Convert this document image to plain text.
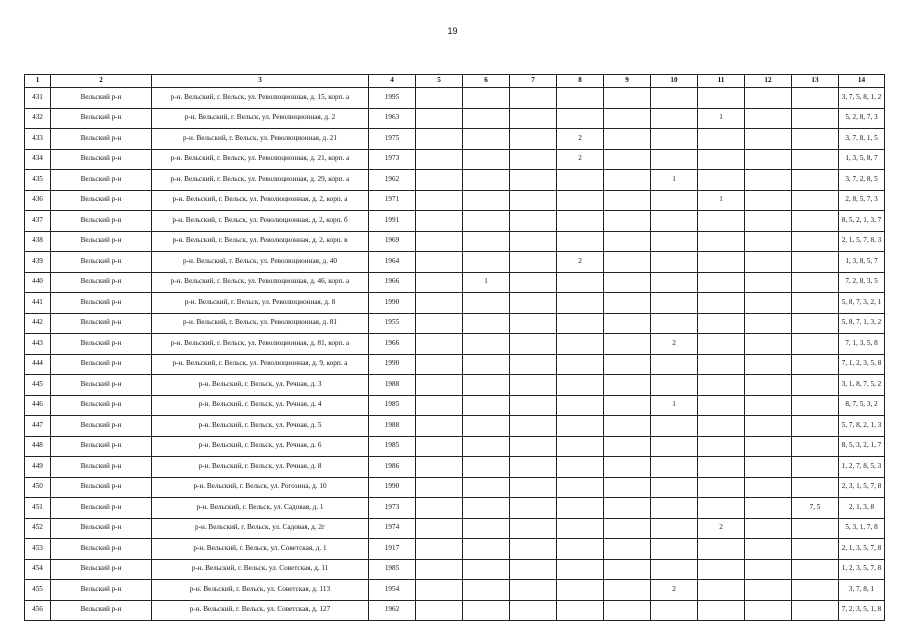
19
1	2	3	4	5	6	7	8	9	10	11	12	13	14
431	Вельский р-н	р-н. Вельский, г. Вельск, ул. Революционная, д. 15, корп. а	1995										3, 7, 5, 8, 1, 2
432	Вельский р-н	р-н. Вельский, г. Вельск, ул. Революционная, д. 2	1963							1			5, 2, 8, 7, 3
433	Вельский р-н	р-н. Вельский, г. Вельск, ул. Революционная, д. 21	1975				2						3, 7, 8, 1, 5
434	Вельский р-н	р-н. Вельский, г. Вельск, ул. Революционная, д. 21, корп. а	1973				2						1, 3, 5, 8, 7
435	Вельский р-н	р-н. Вельский, г. Вельск, ул. Революционная, д. 29, корп. а	1962						1				3, 7, 2, 8, 5
436	Вельский р-н	р-н. Вельский, г. Вельск, ул. Революционная, д. 2, корп. а	1971							1			2, 8, 5, 7, 3
437	Вельский р-н	р-н. Вельский, г. Вельск, ул. Революционная, д. 2, корп. б	1991										8, 5, 2, 1, 3, 7
438	Вельский р-н	р-н. Вельский, г. Вельск, ул. Революционная, д. 2, корп. в	1969										2, 1, 5, 7, 8, 3
439	Вельский р-н	р-н. Вельский, г. Вельск, ул. Революционная, д. 40	1964				2						1, 3, 8, 5, 7
440	Вельский р-н	р-н. Вельский, г. Вельск, ул. Революционная, д. 46, корп. а	1966		1								7, 2, 8, 3, 5
441	Вельский р-н	р-н. Вельский, г. Вельск, ул. Революционная, д. 8	1990										5, 8, 7, 3, 2, 1
442	Вельский р-н	р-н. Вельский, г. Вельск, ул. Революционная, д. 81	1955										5, 8, 7, 1, 3, 2
443	Вельский р-н	р-н. Вельский, г. Вельск, ул. Революционная, д. 81, корп. а	1966						2				7, 1, 3, 5, 8
444	Вельский р-н	р-н. Вельский, г. Вельск, ул. Революционная, д. 9, корп. а	1990										7, 1, 2, 3, 5, 8
445	Вельский р-н	р-н. Вельский, г. Вельск, ул. Речная, д. 3	1988										3, 1, 8, 7, 5, 2
446	Вельский р-н	р-н. Вельский, г. Вельск, ул. Речная, д. 4	1985						1				8, 7, 5, 3, 2
447	Вельский р-н	р-н. Вельский, г. Вельск, ул. Речная, д. 5	1988										5, 7, 8, 2, 1, 3
448	Вельский р-н	р-н. Вельский, г. Вельск, ул. Речная, д. 6	1985										8, 5, 3, 2, 1, 7
449	Вельский р-н	р-н. Вельский, г. Вельск, ул. Речная, д. 8	1986										1, 2, 7, 8, 5, 3
450	Вельский р-н	р-н. Вельский, г. Вельск, ул. Рогозина, д. 10	1990										2, 3, 1, 5, 7, 8
451	Вельский р-н	р-н. Вельский, г. Вельск, ул. Садовая, д. 1	1973									7, 5	2, 1, 3, 8
452	Вельский р-н	р-н. Вельский, г. Вельск, ул. Садовая, д. 2г	1974							2			5, 3, 1, 7, 8
453	Вельский р-н	р-н. Вельский, г. Вельск, ул. Советская, д. 1	1917										2, 1, 3, 5, 7, 8
454	Вельский р-н	р-н. Вельский, г. Вельск, ул. Советская, д. 11	1985										1, 2, 3, 5, 7, 8
455	Вельский р-н	р-н. Вельский, г. Вельск, ул. Советская, д. 113	1954						2				3, 7, 8, 1
456	Вельский р-н	р-н. Вельский, г. Вельск, ул. Советская, д. 127	1962										7, 2, 3, 5, 1, 8
